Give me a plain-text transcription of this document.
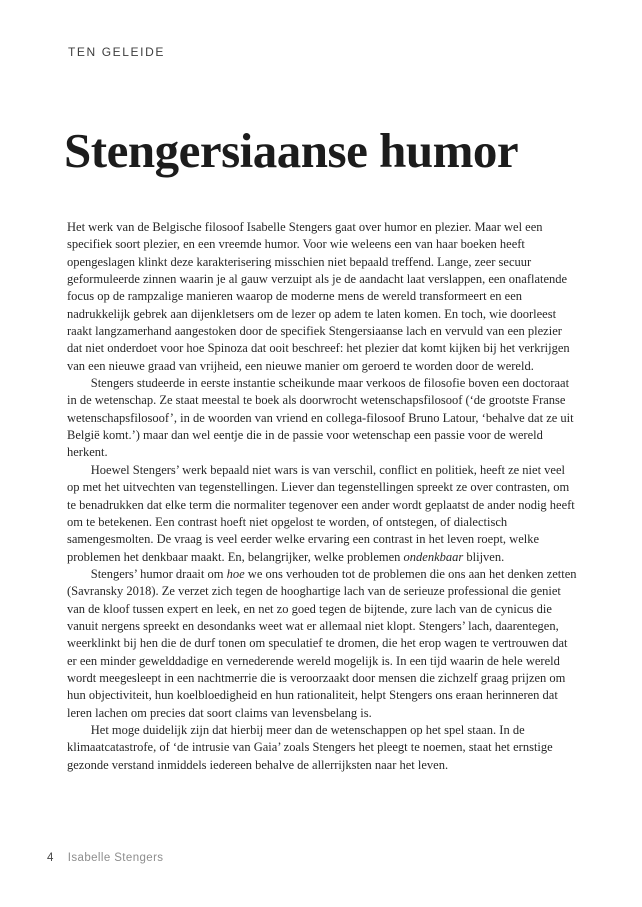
TEN GELEIDE
Stengersiaanse humor

Het werk van de Belgische filosoof Isabelle Stengers gaat over humor en plezier. Maar wel een specifiek soort plezier, en een vreemde humor. Voor wie weleens een van haar boeken heeft opengeslagen klinkt deze karakterisering misschien niet bepaald treffend. Lange, zeer secuur geformuleerde zinnen waarin je al gauw verzuipt als je de aandacht laat verslappen, een onaflatende focus op de rampzalige manieren waarop de moderne mens de wereld transformeert en een nadrukkelijk gebrek aan dijenkletsers om de lezer op adem te laten komen. En toch, wie doorleest raakt langzamerhand aangestoken door de specifiek Stengersiaanse lach en vervuld van een plezier dat niet onderdoet voor hoe Spinoza dat ooit beschreef: het plezier dat komt kijken bij het verkrijgen van een nieuwe graad van vrijheid, een nieuwe manier om geroerd te worden door de wereld.

Stengers studeerde in eerste instantie scheikunde maar verkoos de filosofie boven een doctoraat in de wetenschap. Ze staat meestal te boek als doorwrocht wetenschapsfilosoof (‘de grootste Franse wetenschapsfilosoof’, in de woorden van vriend en collega-filosoof Bruno Latour, ‘behalve dat ze uit België komt.’) maar dan wel eentje die in de passie voor wetenschap een passie voor de wereld herkent.

Hoewel Stengers’ werk bepaald niet wars is van verschil, conflict en politiek, heeft ze niet veel op met het uitvechten van tegenstellingen. Liever dan tegenstellingen spreekt ze over contrasten, om te benadrukken dat elke term die normaliter tegenover een ander wordt geplaatst de ander nodig heeft om te betekenen. Een contrast hoeft niet opgelost te worden, of ontstegen, of dialectisch samengesmolten. De vraag is veel eerder welke ervaring een contrast in het leven roept, welke problemen het denkbaar maakt. En, belangrijker, welke problemen ondenkbaar blijven.

Stengers’ humor draait om hoe we ons verhouden tot de problemen die ons aan het denken zetten (Savransky 2018). Ze verzet zich tegen de hooghartige lach van de serieuze professional die geniet van de kloof tussen expert en leek, en net zo goed tegen de bijtende, zure lach van de cynicus die vanuit nergens spreekt en desondanks weet wat er allemaal niet klopt. Stengers’ lach, daarentegen, weerklinkt bij hen die de durf tonen om speculatief te dromen, die het erop wagen te vertrouwen dat er een minder gewelddadige en vernederende wereld mogelijk is. In een tijd waarin de hele wereld wordt meegesleept in een nachtmerrie die is veroorzaakt door mensen die zichzelf graag prijzen om hun objectiviteit, hun koelbloedigheid en hun rationaliteit, helpt Stengers ons eraan herinneren dat leren lachen om precies dat soort claims van levensbelang is.

Het moge duidelijk zijn dat hierbij meer dan de wetenschappen op het spel staan. In de klimaatcatastrofe, of ‘de intrusie van Gaia’ zoals Stengers het pleegt te noemen, staat het ernstige gezonde verstand inmiddels iedereen behalve de allerrijksten naar het leven.

4 Isabelle Stengers
